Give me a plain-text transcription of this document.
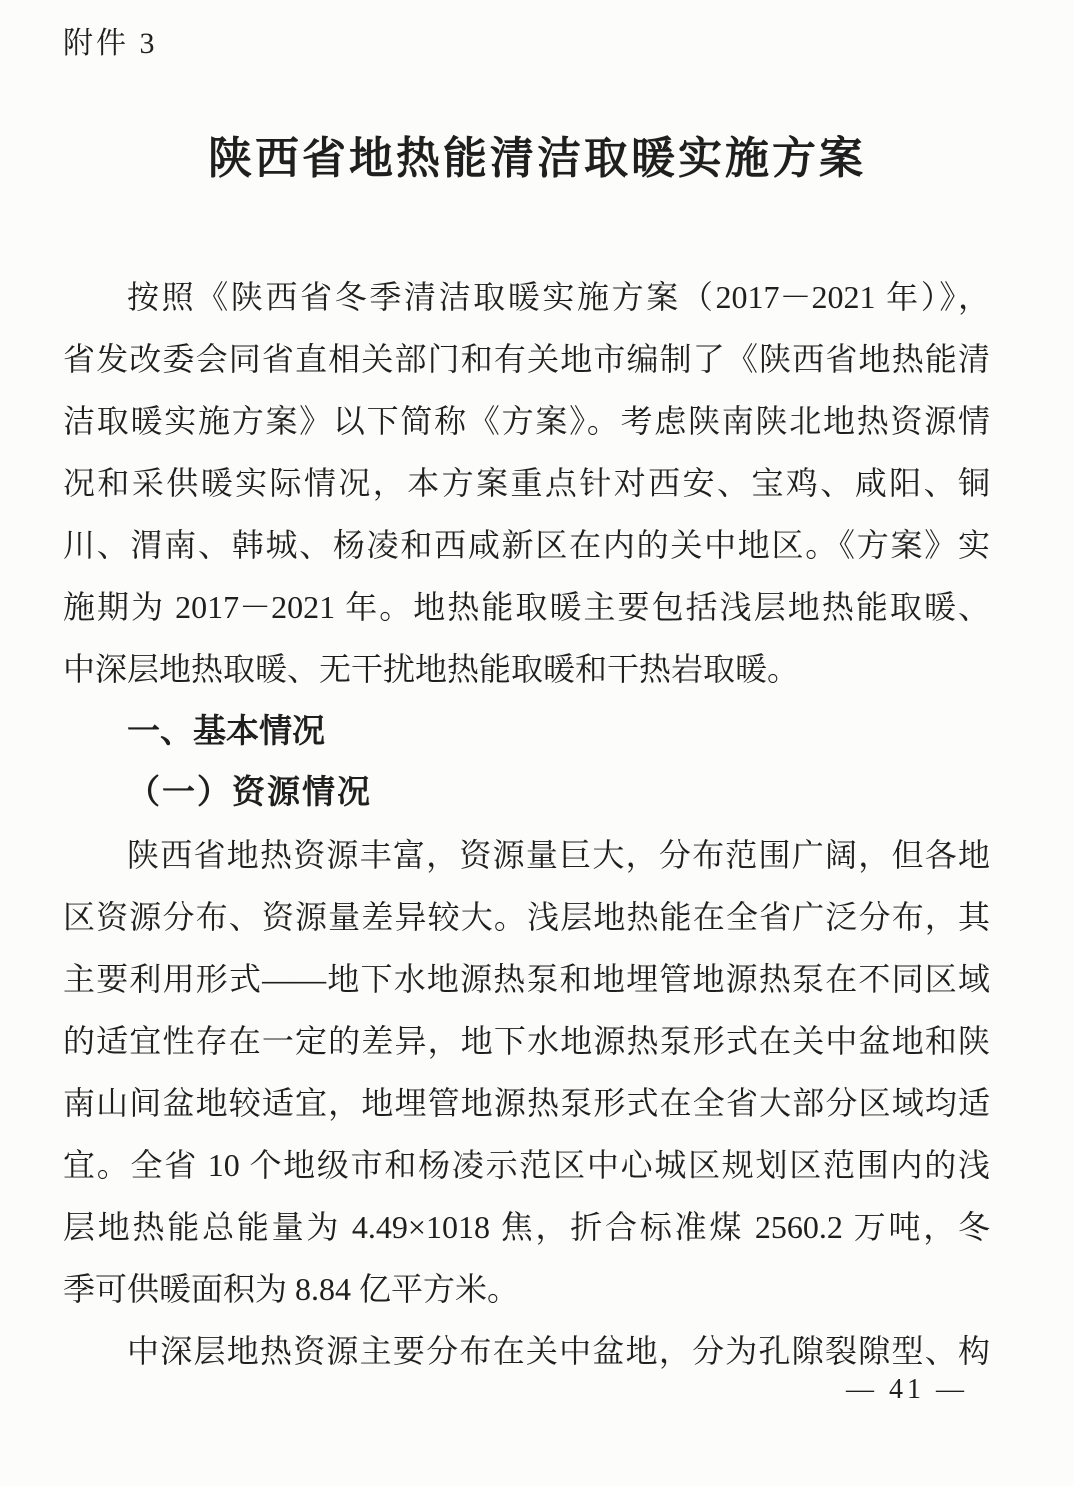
附件 3
陕西省地热能清洁取暖实施方案

按照《陕西省冬季清洁取暖实施方案（2017－2021 年）》，

省发改委会同省直相关部门和有关地市编制了《陕西省地热能清

洁取暖实施方案》以下简称《方案》。考虑陕南陕北地热资源情

况和采供暖实际情况，本方案重点针对西安、宝鸡、咸阳、铜

川、渭南、韩城、杨凌和西咸新区在内的关中地区。《方案》实

施期为 2017－2021 年。地热能取暖主要包括浅层地热能取暖、

中深层地热取暖、无干扰地热能取暖和干热岩取暖。

一、基本情况

（一）资源情况

陕西省地热资源丰富，资源量巨大，分布范围广阔，但各地

区资源分布、资源量差异较大。浅层地热能在全省广泛分布，其

主要利用形式——地下水地源热泵和地埋管地源热泵在不同区域

的适宜性存在一定的差异，地下水地源热泵形式在关中盆地和陕

南山间盆地较适宜，地埋管地源热泵形式在全省大部分区域均适

宜。全省 10 个地级市和杨凌示范区中心城区规划区范围内的浅

层地热能总能量为 4.49×1018 焦，折合标准煤 2560.2 万吨，冬

季可供暖面积为 8.84 亿平方米。

中深层地热资源主要分布在关中盆地，分为孔隙裂隙型、构

— 41 —
